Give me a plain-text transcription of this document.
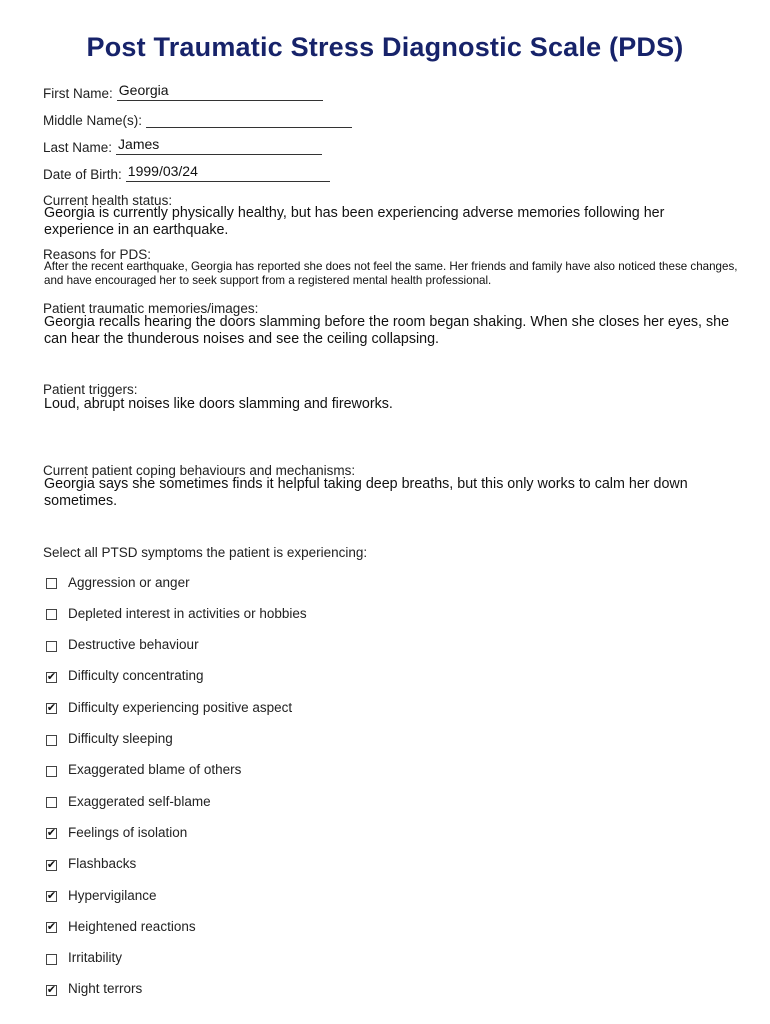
Post Traumatic Stress Diagnostic Scale (PDS)
First Name: Georgia
Middle Name(s):
Last Name: James
Date of Birth: 1999/03/24
Current health status:
Georgia is currently physically healthy, but has been experiencing adverse memories following her experience in an earthquake.
Reasons for PDS:
After the recent earthquake, Georgia has reported she does not feel the same. Her friends and family have also noticed these changes, and have encouraged her to seek support from a registered mental health professional.
Patient traumatic memories/images:
Georgia recalls hearing the doors slamming before the room began shaking. When she closes her eyes, she can hear the thunderous noises and see the ceiling collapsing.
Patient triggers:
Loud, abrupt noises like doors slamming and fireworks.
Current patient coping behaviours and mechanisms:
Georgia says she sometimes finds it helpful taking deep breaths, but this only works to calm her down sometimes.
Select all PTSD symptoms the patient is experiencing:
Aggression or anger
Depleted interest in activities or hobbies
Destructive behaviour
✔ Difficulty concentrating
✔ Difficulty experiencing positive aspect
Difficulty sleeping
Exaggerated blame of others
Exaggerated self-blame
✔ Feelings of isolation
✔ Flashbacks
✔ Hypervigilance
✔ Heightened reactions
Irritability
✔ Night terrors
